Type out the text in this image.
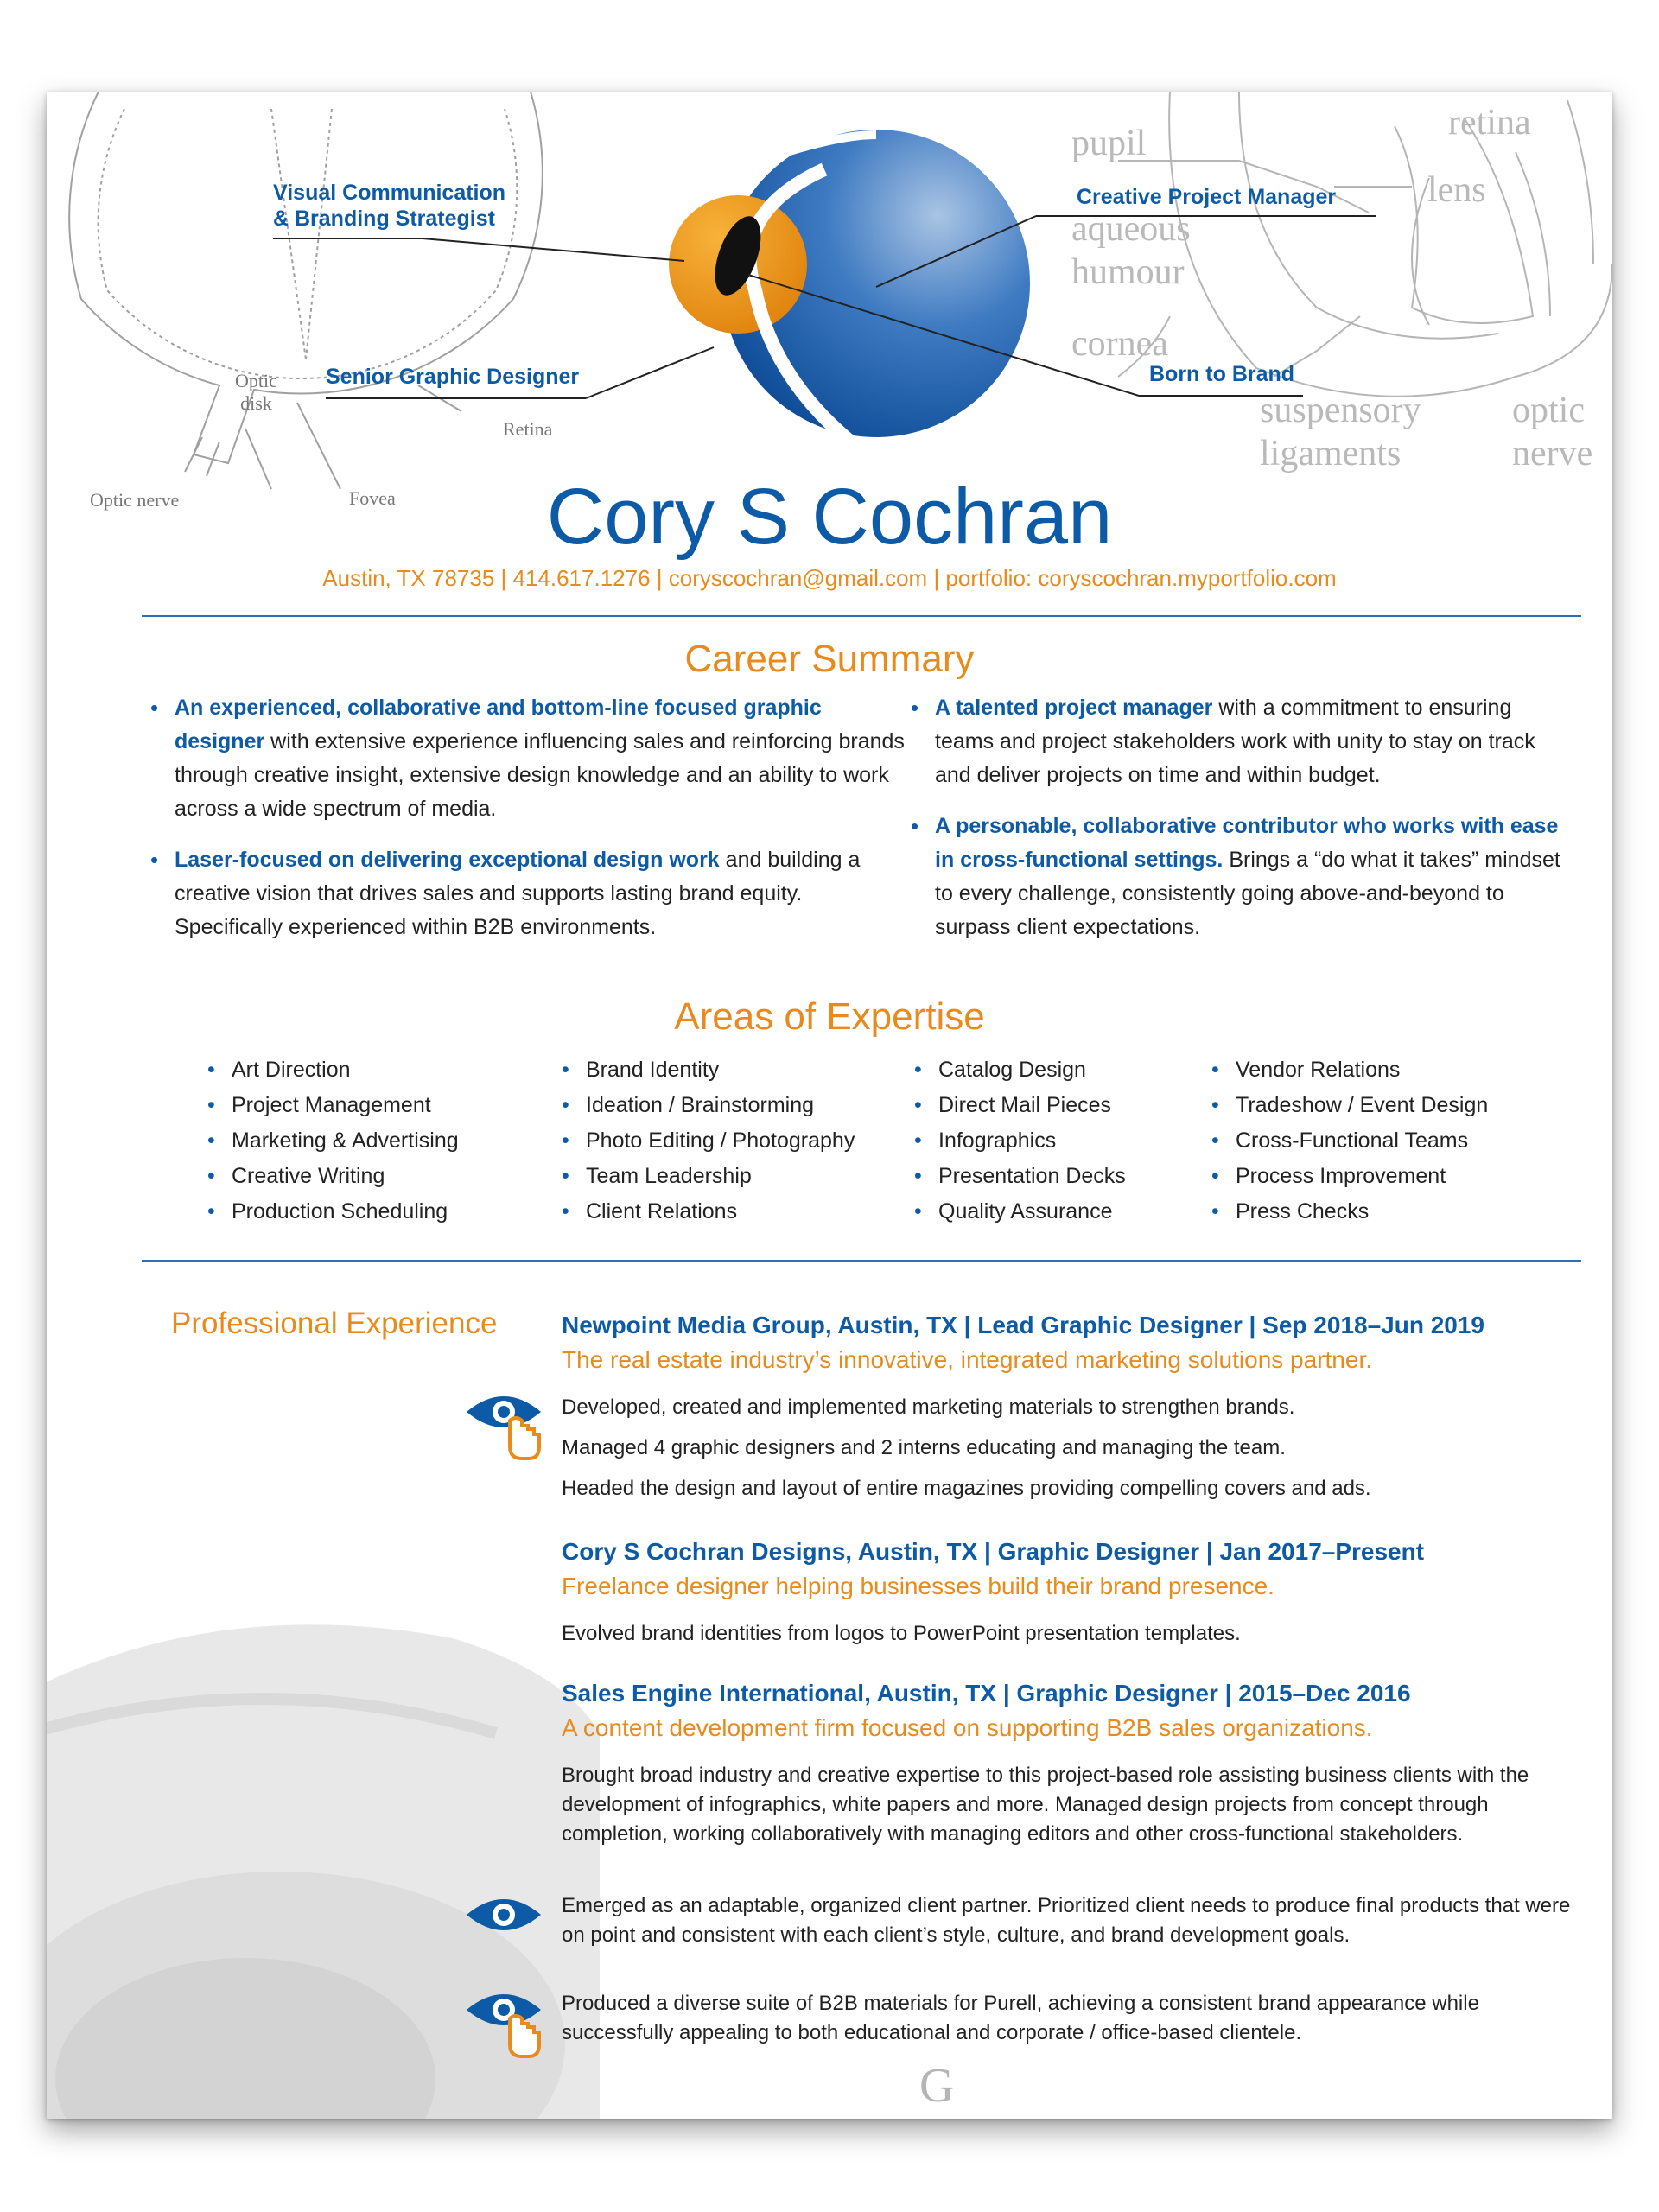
Optic
disk
Retina
Optic nerve	Fovea
pupil
aqueous
humour
cornea
retina
lens
suspensory
ligaments
optic
nerve
Visual Communication
& Branding Strategist
Senior Graphic Designer
Creative Project Manager
Born to Brand
Cory S Cochran
Austin, TX 78735 | 414.617.1276 | coryscochran@gmail.com | portfolio: coryscochran.myportfolio.com
Career Summary
• An experienced, collaborative and bottom-line focused graphic designer with extensive experience influencing sales and reinforcing brands through creative insight, extensive design knowledge and an ability to work across a wide spectrum of media.
• Laser-focused on delivering exceptional design work and building a creative vision that drives sales and supports lasting brand equity. Specifically experienced within B2B environments.
• A talented project manager with a commitment to ensuring teams and project stakeholders work with unity to stay on track and deliver projects on time and within budget.
• A personable, collaborative contributor who works with ease in cross-functional settings. Brings a “do what it takes” mindset to every challenge, consistently going above-and-beyond to surpass client expectations.
Areas of Expertise
• Art Direction
• Project Management
• Marketing & Advertising
• Creative Writing
• Production Scheduling
• Brand Identity
• Ideation / Brainstorming
• Photo Editing / Photography
• Team Leadership
• Client Relations
• Catalog Design
• Direct Mail Pieces
• Infographics
• Presentation Decks
• Quality Assurance
• Vendor Relations
• Tradeshow / Event Design
• Cross-Functional Teams
• Process Improvement
• Press Checks
Professional Experience	Newpoint Media Group, Austin, TX | Lead Graphic Designer | Sep 2018–Jun 2019
The real estate industry’s innovative, integrated marketing solutions partner.
Developed, created and implemented marketing materials to strengthen brands.
Managed 4 graphic designers and 2 interns educating and managing the team.
Headed the design and layout of entire magazines providing compelling covers and ads.
Cory S Cochran Designs, Austin, TX | Graphic Designer | Jan 2017–Present
Freelance designer helping businesses build their brand presence.
Evolved brand identities from logos to PowerPoint presentation templates.
Sales Engine International, Austin, TX | Graphic Designer | 2015–Dec 2016
A content development firm focused on supporting B2B sales organizations.
Brought broad industry and creative expertise to this project-based role assisting business clients with the development of infographics, white papers and more. Managed design projects from concept through completion, working collaboratively with managing editors and other cross-functional stakeholders.
Emerged as an adaptable, organized client partner. Prioritized client needs to produce final products that were on point and consistent with each client’s style, culture, and brand development goals.
Produced a diverse suite of B2B materials for Purell, achieving a consistent brand appearance while successfully appealing to both educational and corporate / office-based clientele.
G
